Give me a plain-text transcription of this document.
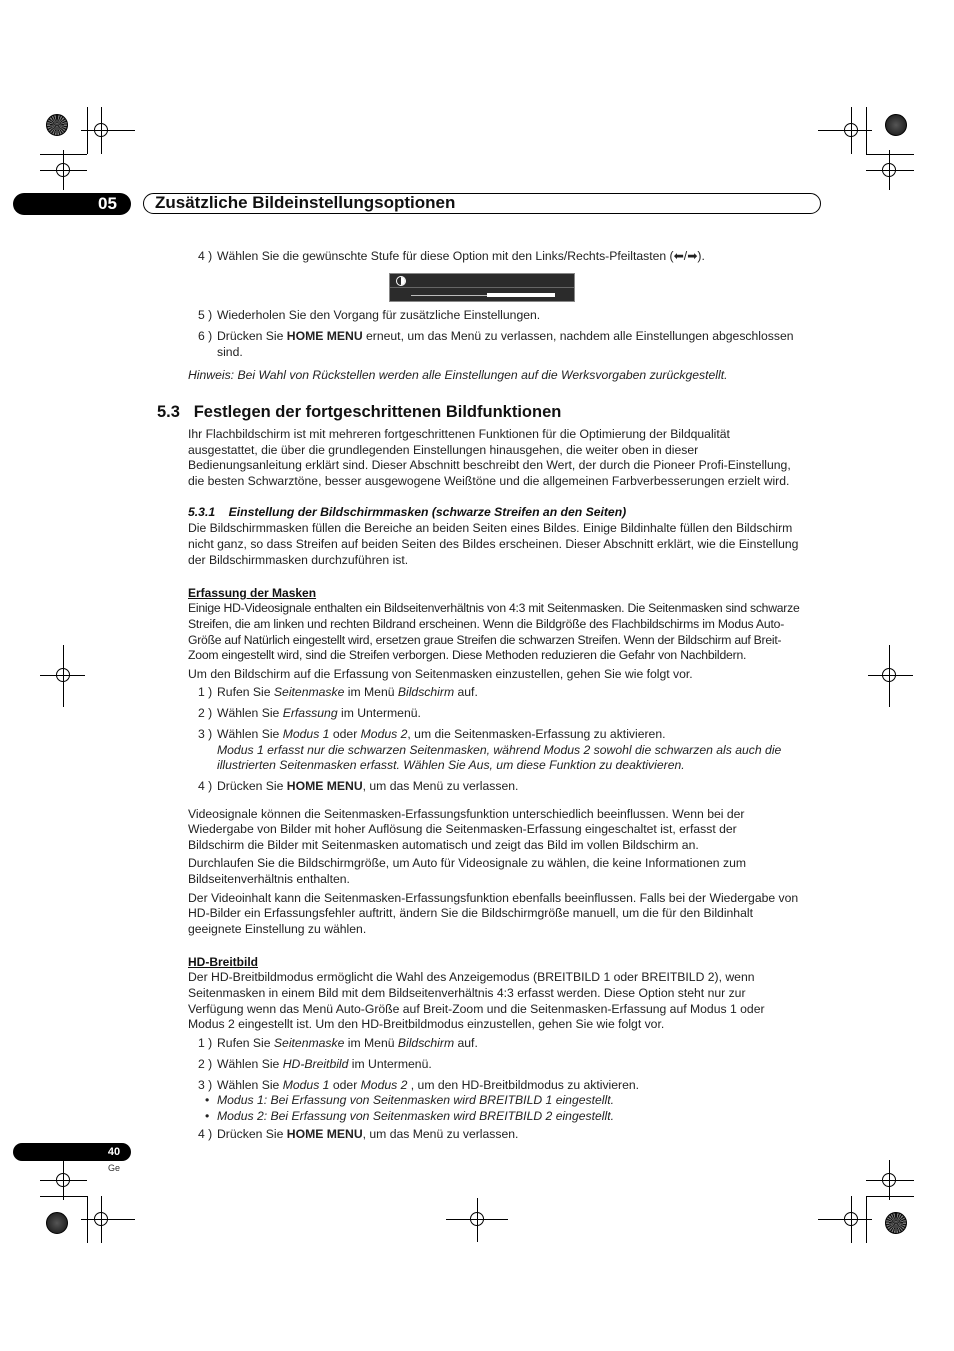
05	Zusätzliche Bildeinstellungsoptionen
4 ) Wählen Sie die gewünschte Stufe für diese Option mit den Links/Rechts-Pfeiltasten (⬅/➡).
5 ) Wiederholen Sie den Vorgang für zusätzliche Einstellungen.
6 ) Drücken Sie HOME MENU erneut, um das Menü zu verlassen, nachdem alle Einstellungen abgeschlossen
sind.
Hinweis: Bei Wahl von Rückstellen werden alle Einstellungen auf die Werksvorgaben zurückgestellt.
5.3 Festlegen der fortgeschrittenen Bildfunktionen
Ihr Flachbildschirm ist mit mehreren fortgeschrittenen Funktionen für die Optimierung der Bildqualität
ausgestattet, die über die grundlegenden Einstellungen hinausgehen, die weiter oben in dieser
Bedienungsanleitung erklärt sind. Dieser Abschnitt beschreibt den Wert, der durch die Pioneer Profi-Einstellung,
die besten Schwarztöne, besser ausgewogene Weißtöne und die allgemeinen Farbverbesserungen erzielt wird.
5.3.1 Einstellung der Bildschirmmasken (schwarze Streifen an den Seiten)
Die Bildschirmmasken füllen die Bereiche an beiden Seiten eines Bildes. Einige Bildinhalte füllen den Bildschirm
nicht ganz, so dass Streifen auf beiden Seiten des Bildes erscheinen. Dieser Abschnitt erklärt, wie die Einstellung
der Bildschirmmasken durchzuführen ist.
Erfassung der Masken
Einige HD-Videosignale enthalten ein Bildseitenverhältnis von 4:3 mit Seitenmasken. Die Seitenmasken sind schwarze
Streifen, die am linken und rechten Bildrand erscheinen. Wenn die Bildgröße des Flachbildschirms im Modus Auto-
Größe auf Natürlich eingestellt wird, ersetzen graue Streifen die schwarzen Streifen. Wenn der Bildschirm auf Breit-
Zoom eingestellt wird, sind die Streifen verborgen. Diese Methoden reduzieren die Gefahr von Nachbildern.
Um den Bildschirm auf die Erfassung von Seitenmasken einzustellen, gehen Sie wie folgt vor.
1 ) Rufen Sie Seitenmaske im Menü Bildschirm auf.
2 ) Wählen Sie Erfassung im Untermenü.
3 ) Wählen Sie Modus 1 oder Modus 2, um die Seitenmasken-Erfassung zu aktivieren.
Modus 1 erfasst nur die schwarzen Seitenmasken, während Modus 2 sowohl die schwarzen als auch die
illustrierten Seitenmasken erfasst. Wählen Sie Aus, um diese Funktion zu deaktivieren.
4 ) Drücken Sie HOME MENU, um das Menü zu verlassen.
Videosignale können die Seitenmasken-Erfassungsfunktion unterschiedlich beeinflussen. Wenn bei der
Wiedergabe von Bilder mit hoher Auflösung die Seitenmasken-Erfassung eingeschaltet ist, erfasst der
Bildschirm die Bilder mit Seitenmasken automatisch und zeigt das Bild im vollen Bildschirm an.
Durchlaufen Sie die Bildschirmgröße, um Auto für Videosignale zu wählen, die keine Informationen zum
Bildseitenverhältnis enthalten.
Der Videoinhalt kann die Seitenmasken-Erfassungsfunktion ebenfalls beeinflussen. Falls bei der Wiedergabe von
HD-Bilder ein Erfassungsfehler auftritt, ändern Sie die Bildschirmgröße manuell, um die für den Bildinhalt
geeignete Einstellung zu wählen.
HD-Breitbild
Der HD-Breitbildmodus ermöglicht die Wahl des Anzeigemodus (BREITBILD 1 oder BREITBILD 2), wenn
Seitenmasken in einem Bild mit dem Bildseitenverhältnis 4:3 erfasst werden. Diese Option steht nur zur
Verfügung wenn das Menü Auto-Größe auf Breit-Zoom und die Seitenmasken-Erfassung auf Modus 1 oder
Modus 2 eingestellt ist. Um den HD-Breitbildmodus einzustellen, gehen Sie wie folgt vor.
1 ) Rufen Sie Seitenmaske im Menü Bildschirm auf.
2 ) Wählen Sie HD-Breitbild im Untermenü.
3 ) Wählen Sie Modus 1 oder Modus 2 , um den HD-Breitbildmodus zu aktivieren.
• Modus 1: Bei Erfassung von Seitenmasken wird BREITBILD 1 eingestellt.
• Modus 2: Bei Erfassung von Seitenmasken wird BREITBILD 2 eingestellt.
4 ) Drücken Sie HOME MENU, um das Menü zu verlassen.
40
Ge
